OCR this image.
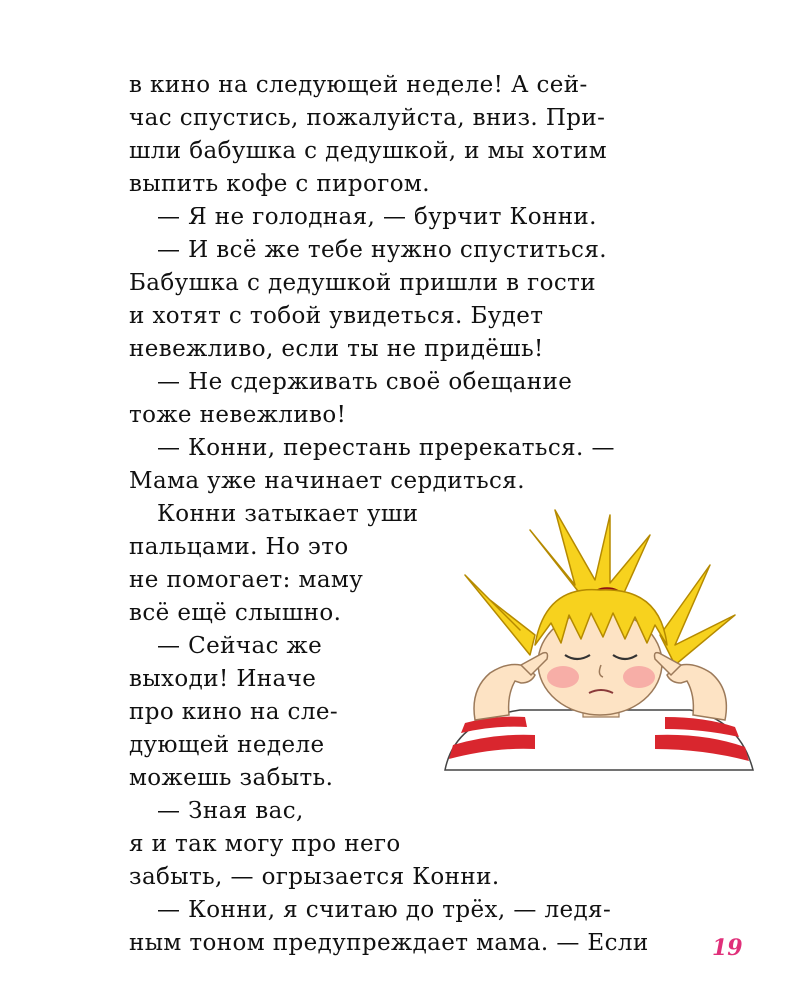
в кино на следующей неделе! А сей-
час спустись, пожалуйста, вниз. При-
шли бабушка с дедушкой, и мы хотим
выпить кофе с пирогом.
— Я не голодная, — бурчит Конни.
— И всё же тебе нужно спуститься.
Бабушка с дедушкой пришли в гости
и хотят с тобой увидеться. Будет
невежливо, если ты не придёшь!
— Не сдерживать своё обещание
тоже невежливо!
— Конни, перестань пререкаться. —
Мама уже начинает сердиться.
Конни затыкает уши
пальцами. Но это
не помогает: маму
всё ещё слышно.
— Сейчас же
выходи! Иначе
про кино на сле-
дующей неделе
можешь забыть.
— Зная вас,
я и так могу про него
забыть, — огрызается Конни.
— Конни, я считаю до трёх, — ледя-
ным тоном предупреждает мама. — Если	19
